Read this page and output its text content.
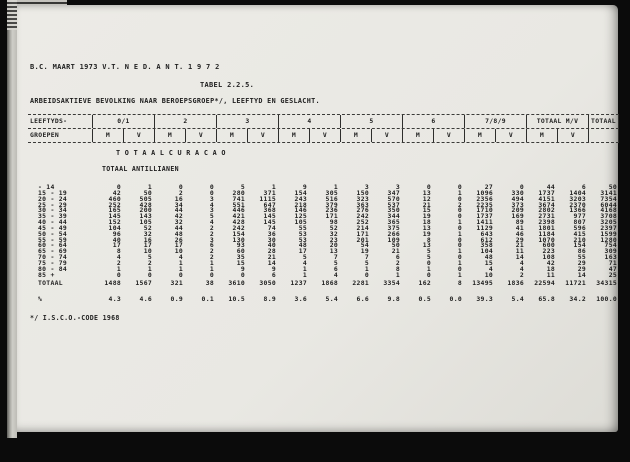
B.C. MAART 1973 V.T. N E D. A N T. 1 9 7 2
TABEL 2.2.5.
ARBEIDSAKTIEVE BEVOLKING NAAR BEROEPSGROEP*/, LEEFTYD EN GESLACHT.
LEEFTYDS-	0/1	2	3	4	5	6	7/8/9	TOTAAL M/V	TOTAAL
GROEPEN	M	V	M	V	M	V	M	V	M	V	M	V	M	V	M	V
T O T A A L C U R A C A O
TOTAAL ANTILLIANEN
- 14	0	1	0	0	5	1	9	1	3	3	0	0	27	0	44	6	50
15 - 19	42	50	2	0	280	371	154	305	150	347	13	1	1096	330	1737	1404	3141
20 - 24	460	505	16	3	741	1115	243	516	323	570	12	0	2356	494	4151	3203	7354
25 - 29	252	428	34	4	551	647	218	379	363	537	21	2	2235	373	3674	2370	6044
30 - 34	165	200	44	3	446	368	146	236	276	350	15	0	1710	209	2802	1366	4168
35 - 39	145	143	42	5	421	145	125	171	242	344	19	0	1737	169	2731	977	3708
40 - 44	152	105	32	4	428	145	105	98	252	365	18	1	1411	89	2398	807	3205
45 - 49	104	52	44	2	242	74	55	52	214	375	13	0	1129	41	1801	596	2397
50 - 54	96	32	48	2	154	36	53	32	171	266	19	1	643	46	1184	415	1599
55 - 59	40	16	26	3	130	30	53	23	201	109	8	0	612	29	1070	210	1280
60 - 64	17	17	17	6	93	40	48	20	54	50	13	0	358	21	600	154	754
65 - 69	8	10	10	2	60	28	17	13	19	21	5	1	104	11	223	86	309
70 - 74	4	5	4	2	35	21	5	7	7	6	5	0	48	14	108	55	163
75 - 79	2	2	1	1	15	14	4	5	5	2	0	1	15	4	42	29	71
80 - 84	1	1	1	1	9	9	1	6	1	8	1	0	4	4	18	29	47
85 +	0	0	0	0	0	6	1	4	0	1	0	1	10	2	11	14	25
TOTAAL	1488	1567	321	38	3610	3050	1237	1868	2281	3354	162	8	13495	1836	22594	11721	34315
%	4.3	4.6	0.9	0.1	10.5	8.9	3.6	5.4	6.6	9.8	0.5	0.0	39.3	5.4	65.8	34.2	100.0
*/ I.S.C.O.-CODE 1968
